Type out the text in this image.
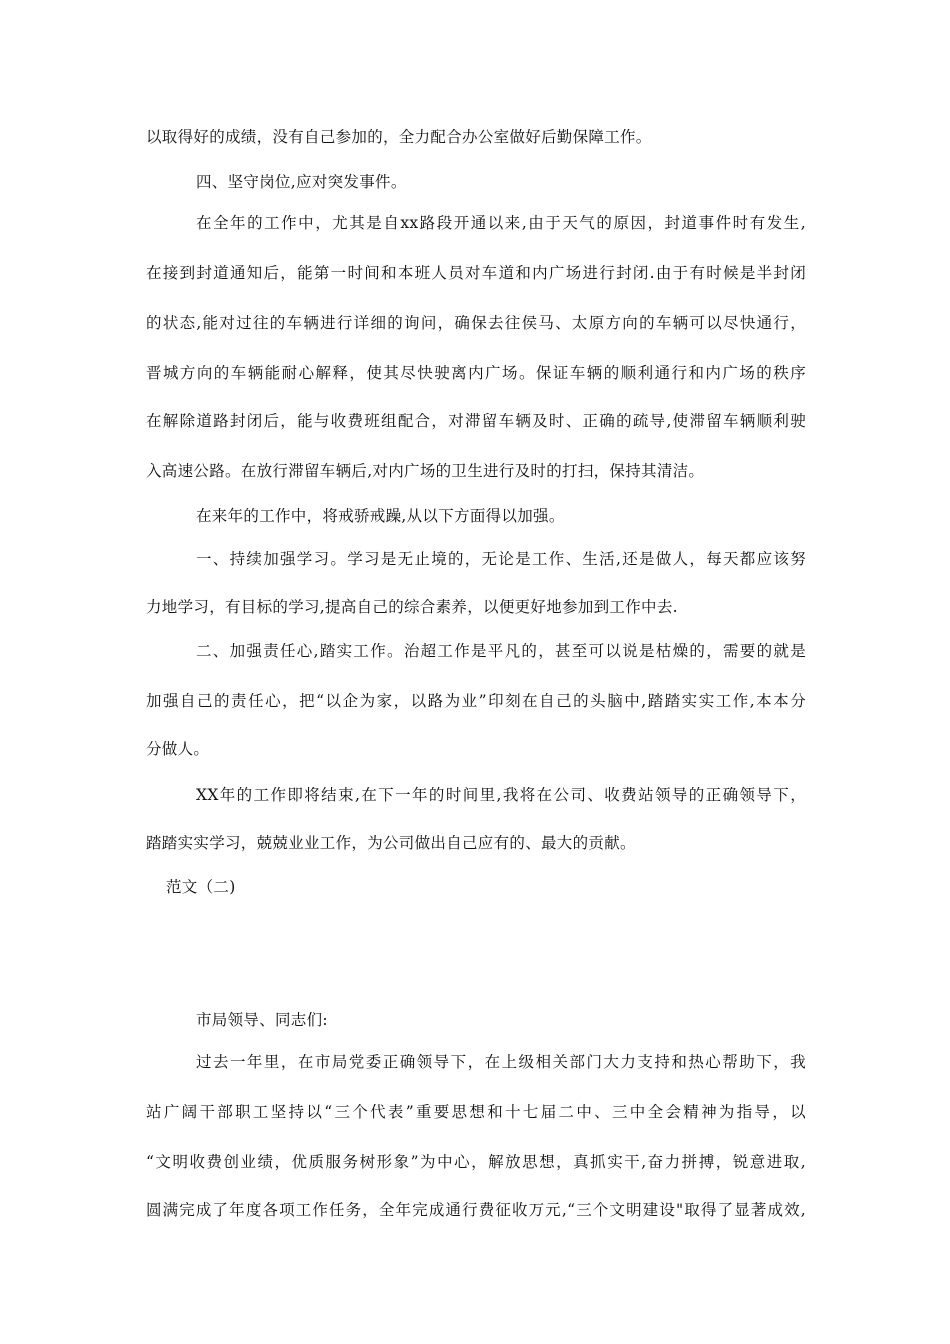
以取得好的成绩，没有自己参加的，全力配合办公室做好后勤保障工作。
四、坚守岗位,应对突发事件。
在全年的工作中，尤其是自xx路段开通以来,由于天气的原因，封道事件时有发生,
在接到封道通知后，能第一时间和本班人员对车道和内广场进行封闭.由于有时候是半封闭
的状态,能对过往的车辆进行详细的询问，确保去往侯马、太原方向的车辆可以尽快通行，
晋城方向的车辆能耐心解释，使其尽快驶离内广场。保证车辆的顺利通行和内广场的秩序
在解除道路封闭后，能与收费班组配合，对滞留车辆及时、正确的疏导,使滞留车辆顺利驶
入高速公路。在放行滞留车辆后,对内广场的卫生进行及时的打扫，保持其清洁。
在来年的工作中，将戒骄戒躁,从以下方面得以加强。
一、持续加强学习。学习是无止境的，无论是工作、生活,还是做人，每天都应该努
力地学习，有目标的学习,提高自己的综合素养，以便更好地参加到工作中去.
二、加强责任心,踏实工作。治超工作是平凡的，甚至可以说是枯燥的，需要的就是
加强自己的责任心，把“以企为家，以路为业”印刻在自己的头脑中,踏踏实实工作,本本分
分做人。
XX年的工作即将结束,在下一年的时间里,我将在公司、收费站领导的正确领导下，
踏踏实实学习，兢兢业业工作，为公司做出自己应有的、最大的贡献。
范文（二)
市局领导、同志们:
过去一年里，在市局党委正确领导下，在上级相关部门大力支持和热心帮助下，我
站广阔干部职工坚持以“三个代表”重要思想和十七届二中、三中全会精神为指导，以
“文明收费创业绩，优质服务树形象”为中心，解放思想，真抓实干,奋力拼搏，锐意进取,
圆满完成了年度各项工作任务，全年完成通行费征收万元,“三个文明建设"取得了显著成效,
